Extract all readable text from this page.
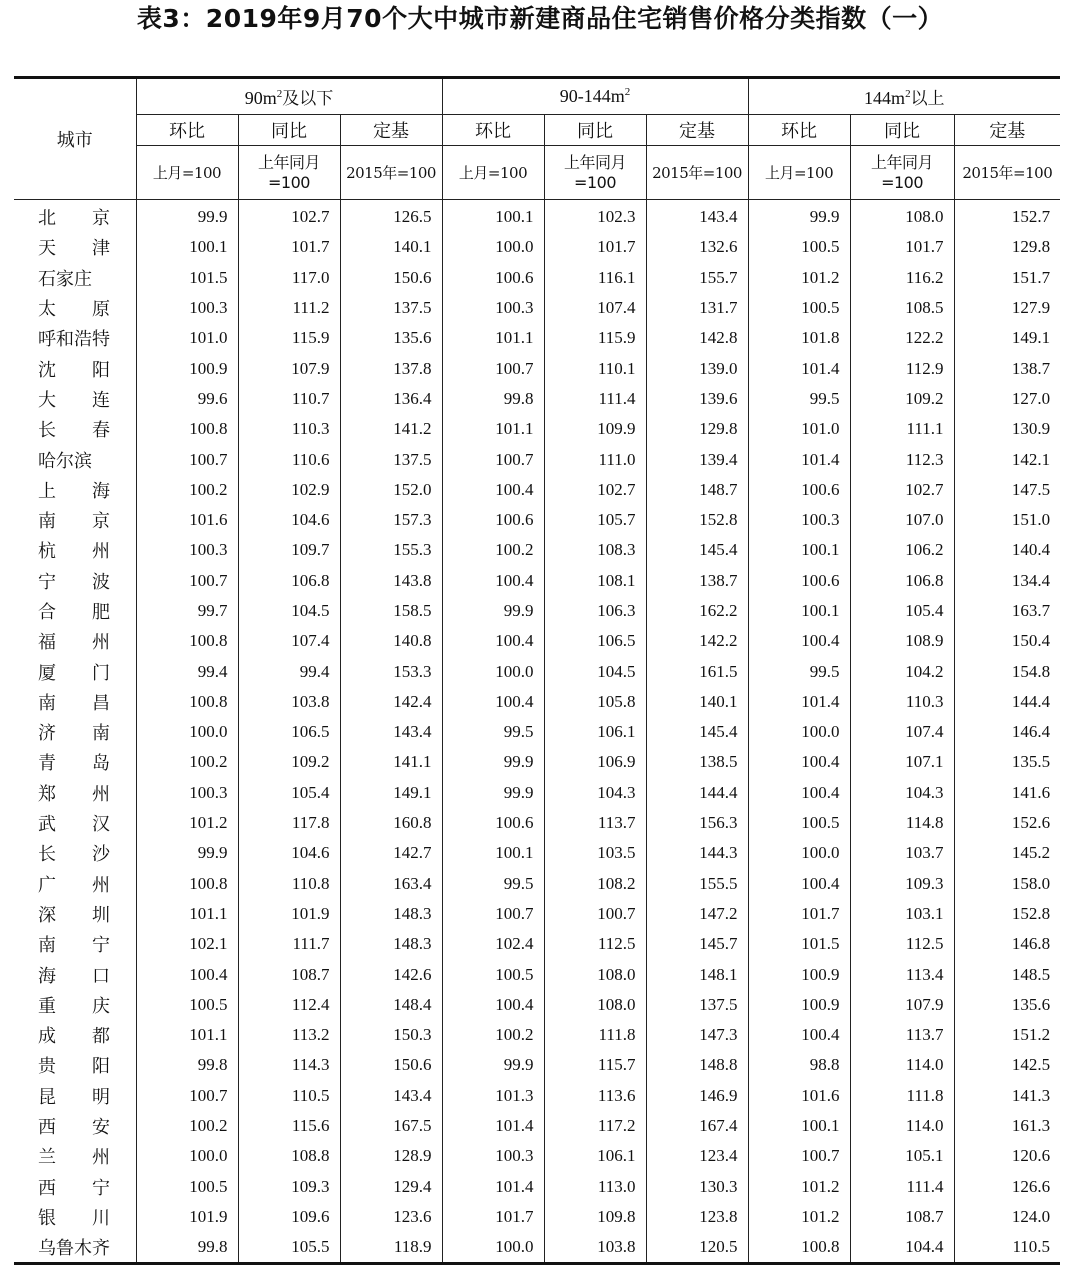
表3：2019年9月70个大中城市新建商品住宅销售价格分类指数（一）
城市	$90m^2$及以下			$90-144m^2$			$144m^2$以上		
	环比	同比	定基	环比	同比	定基	环比	同比	定基
	上月=100	上年同月=100	2015年=100	上月=100	上年同月=100	2015年=100	上月=100	上年同月=100	2015年=100
北　　京	99.9	102.7	126.5	100.1	102.3	143.4	99.9	108.0	152.7
天　　津	100.1	101.7	140.1	100.0	101.7	132.6	100.5	101.7	129.8
石家庄	101.5	117.0	150.6	100.6	116.1	155.7	101.2	116.2	151.7
太　　原	100.3	111.2	137.5	100.3	107.4	131.7	100.5	108.5	127.9
呼和浩特	101.0	115.9	135.6	101.1	115.9	142.8	101.8	122.2	149.1
沈　　阳	100.9	107.9	137.8	100.7	110.1	139.0	101.4	112.9	138.7
大　　连	99.6	110.7	136.4	99.8	111.4	139.6	99.5	109.2	127.0
长　　春	100.8	110.3	141.2	101.1	109.9	129.8	101.0	111.1	130.9
哈尔滨	100.7	110.6	137.5	100.7	111.0	139.4	101.4	112.3	142.1
上　　海	100.2	102.9	152.0	100.4	102.7	148.7	100.6	102.7	147.5
南　　京	101.6	104.6	157.3	100.6	105.7	152.8	100.3	107.0	151.0
杭　　州	100.3	109.7	155.3	100.2	108.3	145.4	100.1	106.2	140.4
宁　　波	100.7	106.8	143.8	100.4	108.1	138.7	100.6	106.8	134.4
合　　肥	99.7	104.5	158.5	99.9	106.3	162.2	100.1	105.4	163.7
福　　州	100.8	107.4	140.8	100.4	106.5	142.2	100.4	108.9	150.4
厦　　门	99.4	99.4	153.3	100.0	104.5	161.5	99.5	104.2	154.8
南　　昌	100.8	103.8	142.4	100.4	105.8	140.1	101.4	110.3	144.4
济　　南	100.0	106.5	143.4	99.5	106.1	145.4	100.0	107.4	146.4
青　　岛	100.2	109.2	141.1	99.9	106.9	138.5	100.4	107.1	135.5
郑　　州	100.3	105.4	149.1	99.9	104.3	144.4	100.4	104.3	141.6
武　　汉	101.2	117.8	160.8	100.6	113.7	156.3	100.5	114.8	152.6
长　　沙	99.9	104.6	142.7	100.1	103.5	144.3	100.0	103.7	145.2
广　　州	100.8	110.8	163.4	99.5	108.2	155.5	100.4	109.3	158.0
深　　圳	101.1	101.9	148.3	100.7	100.7	147.2	101.7	103.1	152.8
南　　宁	102.1	111.7	148.3	102.4	112.5	145.7	101.5	112.5	146.8
海　　口	100.4	108.7	142.6	100.5	108.0	148.1	100.9	113.4	148.5
重　　庆	100.5	112.4	148.4	100.4	108.0	137.5	100.9	107.9	135.6
成　　都	101.1	113.2	150.3	100.2	111.8	147.3	100.4	113.7	151.2
贵　　阳	99.8	114.3	150.6	99.9	115.7	148.8	98.8	114.0	142.5
昆　　明	100.7	110.5	143.4	101.3	113.6	146.9	101.6	111.8	141.3
西　　安	100.2	115.6	167.5	101.4	117.2	167.4	100.1	114.0	161.3
兰　　州	100.0	108.8	128.9	100.3	106.1	123.4	100.7	105.1	120.6
西　　宁	100.5	109.3	129.4	101.4	113.0	130.3	101.2	111.4	126.6
银　　川	101.9	109.6	123.6	101.7	109.8	123.8	101.2	108.7	124.0
乌鲁木齐	99.8	105.5	118.9	100.0	103.8	120.5	100.8	104.4	110.5
